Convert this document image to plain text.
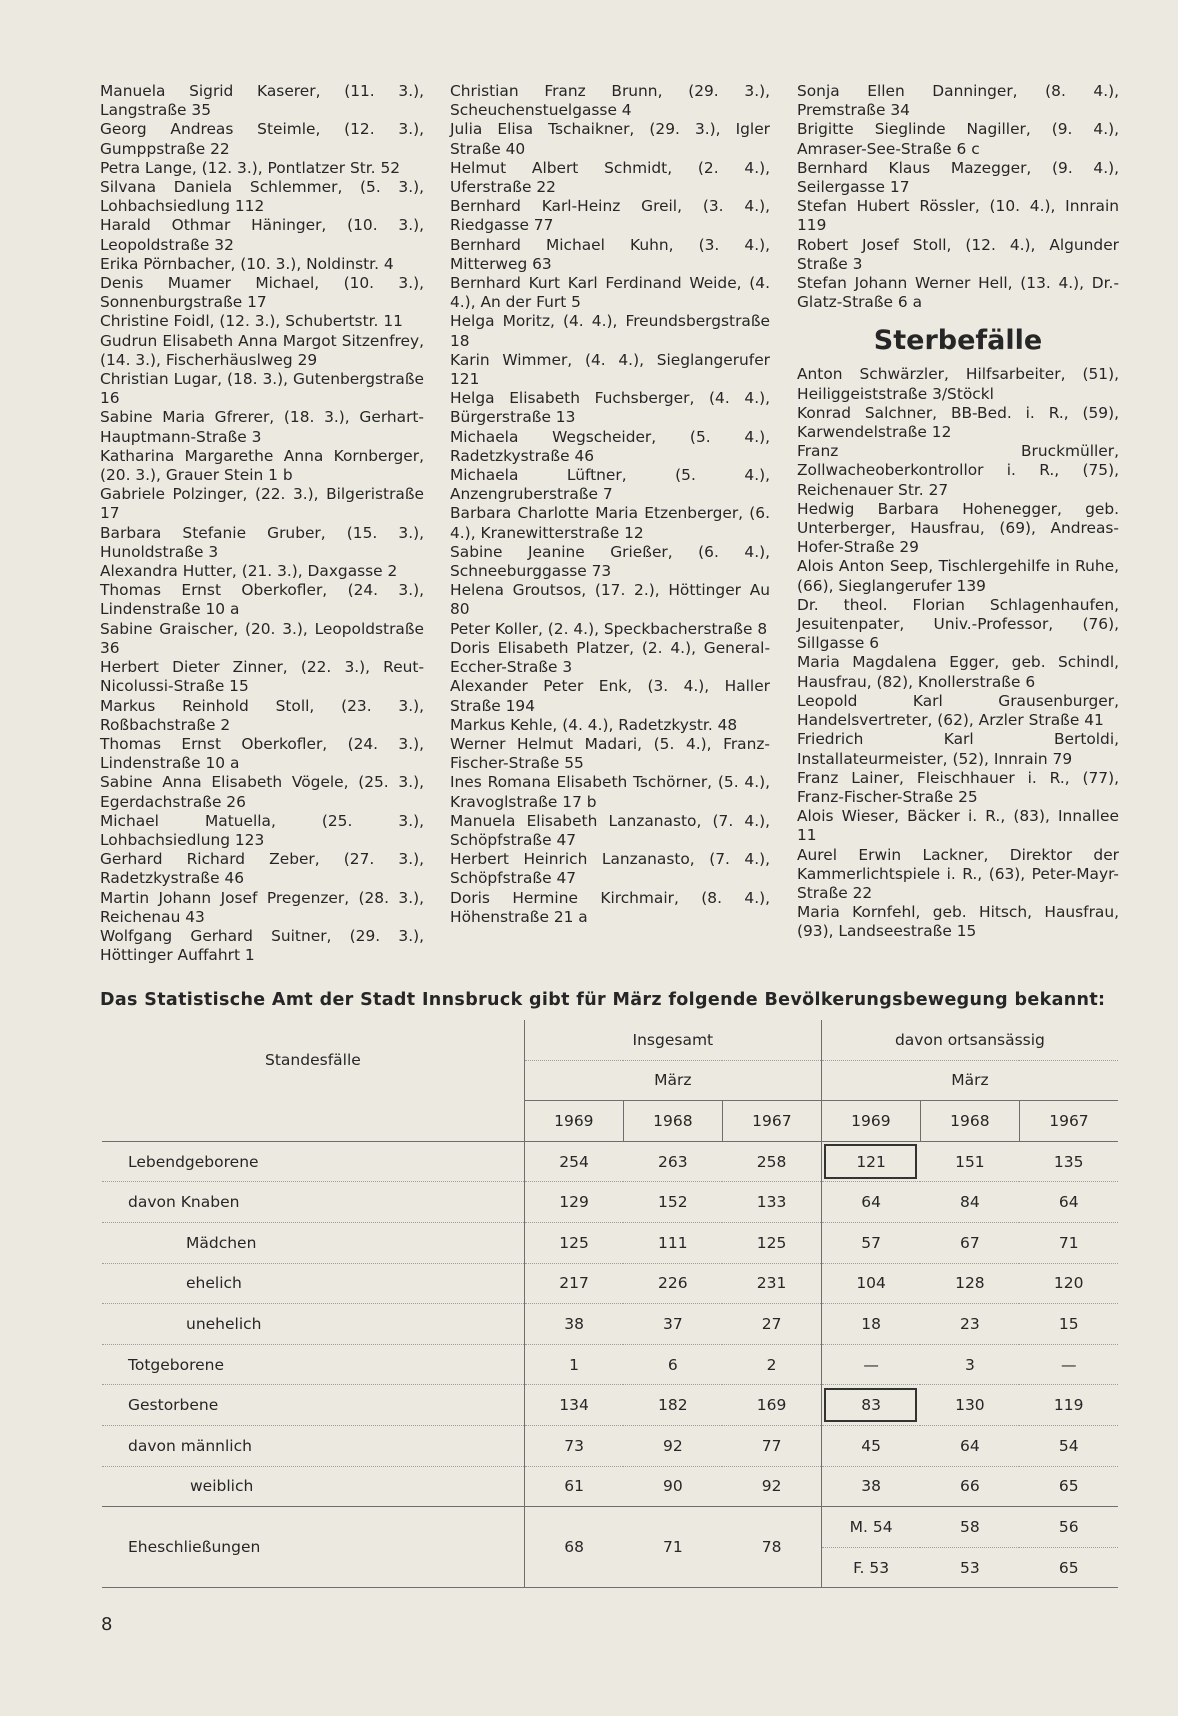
Manuela Sigrid Kaserer, (11. 3.), Langstraße 35

Georg Andreas Steimle, (12. 3.), Gumppstraße 22

Petra Lange, (12. 3.), Pontlatzer Str. 52

Silvana Daniela Schlemmer, (5. 3.), Lohbachsiedlung 112

Harald Othmar Häninger, (10. 3.), Leopoldstraße 32

Erika Pörnbacher, (10. 3.), Noldinstr. 4

Denis Muamer Michael, (10. 3.), Sonnenburgstraße 17

Christine Foidl, (12. 3.), Schubertstr. 11

Gudrun Elisabeth Anna Margot Sitzenfrey, (14. 3.), Fischerhäuslweg 29

Christian Lugar, (18. 3.), Gutenbergstraße 16

Sabine Maria Gfrerer, (18. 3.), Gerhart-Hauptmann-Straße 3

Katharina Margarethe Anna Kornberger, (20. 3.), Grauer Stein 1 b

Gabriele Polzinger, (22. 3.), Bilgeristraße 17

Barbara Stefanie Gruber, (15. 3.), Hunoldstraße 3

Alexandra Hutter, (21. 3.), Daxgasse 2

Thomas Ernst Oberkofler, (24. 3.), Lindenstraße 10 a

Sabine Graischer, (20. 3.), Leopoldstraße 36

Herbert Dieter Zinner, (22. 3.), Reut-Nicolussi-Straße 15

Markus Reinhold Stoll, (23. 3.), Roßbachstraße 2

Thomas Ernst Oberkofler, (24. 3.), Lindenstraße 10 a

Sabine Anna Elisabeth Vögele, (25. 3.), Egerdachstraße 26

Michael Matuella, (25. 3.), Lohbachsiedlung 123

Gerhard Richard Zeber, (27. 3.), Radetzkystraße 46

Martin Johann Josef Pregenzer, (28. 3.), Reichenau 43

Wolfgang Gerhard Suitner, (29. 3.), Höttinger Auffahrt 1

Christian Franz Brunn, (29. 3.), Scheuchenstuelgasse 4

Julia Elisa Tschaikner, (29. 3.), Igler Straße 40

Helmut Albert Schmidt, (2. 4.), Uferstraße 22

Bernhard Karl-Heinz Greil, (3. 4.), Riedgasse 77

Bernhard Michael Kuhn, (3. 4.), Mitterweg 63

Bernhard Kurt Karl Ferdinand Weide, (4. 4.), An der Furt 5

Helga Moritz, (4. 4.), Freundsbergstraße 18

Karin Wimmer, (4. 4.), Sieglangerufer 121

Helga Elisabeth Fuchsberger, (4. 4.), Bürgerstraße 13

Michaela Wegscheider, (5. 4.), Radetzkystraße 46

Michaela Lüftner, (5. 4.), Anzengruberstraße 7

Barbara Charlotte Maria Etzenberger, (6. 4.), Kranewitterstraße 12

Sabine Jeanine Grießer, (6. 4.), Schneeburggasse 73

Helena Groutsos, (17. 2.), Höttinger Au 80

Peter Koller, (2. 4.), Speckbacherstraße 8

Doris Elisabeth Platzer, (2. 4.), General-Eccher-Straße 3

Alexander Peter Enk, (3. 4.), Haller Straße 194

Markus Kehle, (4. 4.), Radetzkystr. 48

Werner Helmut Madari, (5. 4.), Franz-Fischer-Straße 55

Ines Romana Elisabeth Tschörner, (5. 4.), Kravoglstraße 17 b

Manuela Elisabeth Lanzanasto, (7. 4.), Schöpfstraße 47

Herbert Heinrich Lanzanasto, (7. 4.), Schöpfstraße 47

Doris Hermine Kirchmair, (8. 4.), Höhenstraße 21 a

Sonja Ellen Danninger, (8. 4.), Premstraße 34

Brigitte Sieglinde Nagiller, (9. 4.), Amraser-See-Straße 6 c

Bernhard Klaus Mazegger, (9. 4.), Seilergasse 17

Stefan Hubert Rössler, (10. 4.), Innrain 119

Robert Josef Stoll, (12. 4.), Algunder Straße 3

Stefan Johann Werner Hell, (13. 4.), Dr.-Glatz-Straße 6 a

Sterbefälle

Anton Schwärzler, Hilfsarbeiter, (51), Heiliggeiststraße 3/Stöckl

Konrad Salchner, BB-Bed. i. R., (59), Karwendelstraße 12

Franz Bruckmüller, Zollwacheoberkontrollor i. R., (75), Reichenauer Str. 27

Hedwig Barbara Hohenegger, geb. Unterberger, Hausfrau, (69), Andreas-Hofer-Straße 29

Alois Anton Seep, Tischlergehilfe in Ruhe, (66), Sieglangerufer 139

Dr. theol. Florian Schlagenhaufen, Jesuitenpater, Univ.-Professor, (76), Sillgasse 6

Maria Magdalena Egger, geb. Schindl, Hausfrau, (82), Knollerstraße 6

Leopold Karl Grausenburger, Handelsvertreter, (62), Arzler Straße 41

Friedrich Karl Bertoldi, Installateurmeister, (52), Innrain 79

Franz Lainer, Fleischhauer i. R., (77), Franz-Fischer-Straße 25

Alois Wieser, Bäcker i. R., (83), Innallee 11

Aurel Erwin Lackner, Direktor der Kammerlichtspiele i. R., (63), Peter-Mayr-Straße 22

Maria Kornfehl, geb. Hitsch, Hausfrau, (93), Landseestraße 15

Das Statistische Amt der Stadt Innsbruck gibt für März folgende Bevölkerungsbewegung bekannt:
Standesfälle	Insgesamt			davon ortsansässig		
	März			März		
	1969	1968	1967	1969	1968	1967
Lebendgeborene	254	263	258	121	151	135
davon Knaben	129	152	133	64	84	64
Mädchen	125	111	125	57	67	71
ehelich	217	226	231	104	128	120
unehelich	38	37	27	18	23	15
Totgeborene	1	6	2	—	3	—
Gestorbene	134	182	169	83	130	119
davon männlich	73	92	77	45	64	54
weiblich	61	90	92	38	66	65
Eheschließungen	68	71	78	M. 54	58	56
				F. 53	53	65
8
